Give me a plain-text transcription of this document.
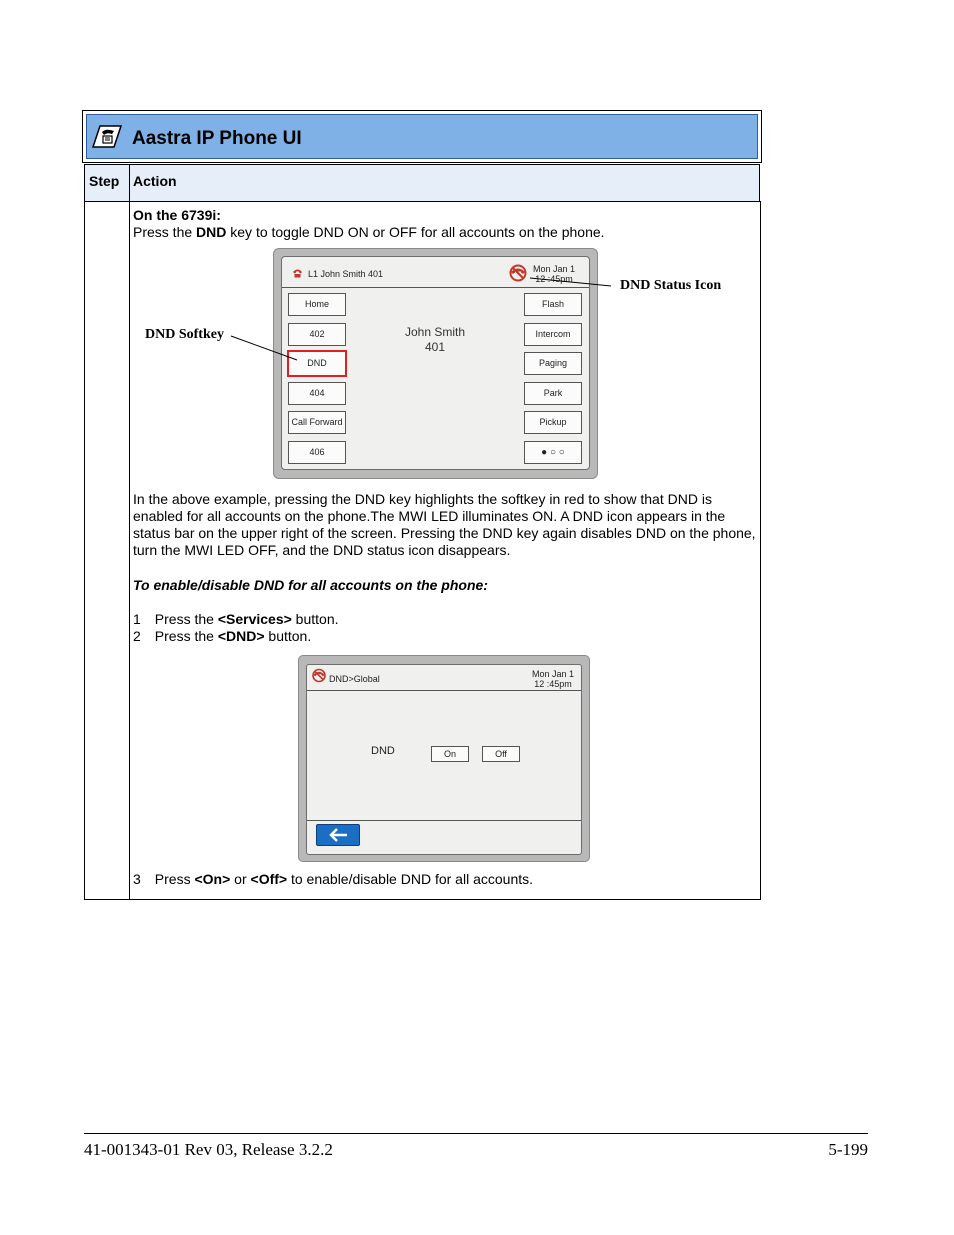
Aastra IP Phone UI
Step Action
On the 6739i:
Press the DND key to toggle DND ON or OFF for all accounts on the phone.
L1 John Smith 401	Mon Jan 1
12 :45pm
Home
402
DND
404
Call Forward
406
Flash
Intercom
Paging
Park
Pickup
● ○ ○
John Smith
401
DND Softkey
DND Status Icon
In the above example, pressing the DND key highlights the softkey in red to show that DND is
enabled for all accounts on the phone.The MWI LED illuminates ON. A DND icon appears in the
status bar on the upper right of the screen. Pressing the DND key again disables DND on the phone,
turn the MWI LED OFF, and the DND status icon disappears.
To enable/disable DND for all accounts on the phone:
1 Press the <Services> button.
2 Press the <DND> button.
DND>Global	Mon Jan 1
12 :45pm
DND	On	Off
3 Press <On> or <Off> to enable/disable DND for all accounts.
41-001343-01 Rev 03, Release 3.2.2	5-199
